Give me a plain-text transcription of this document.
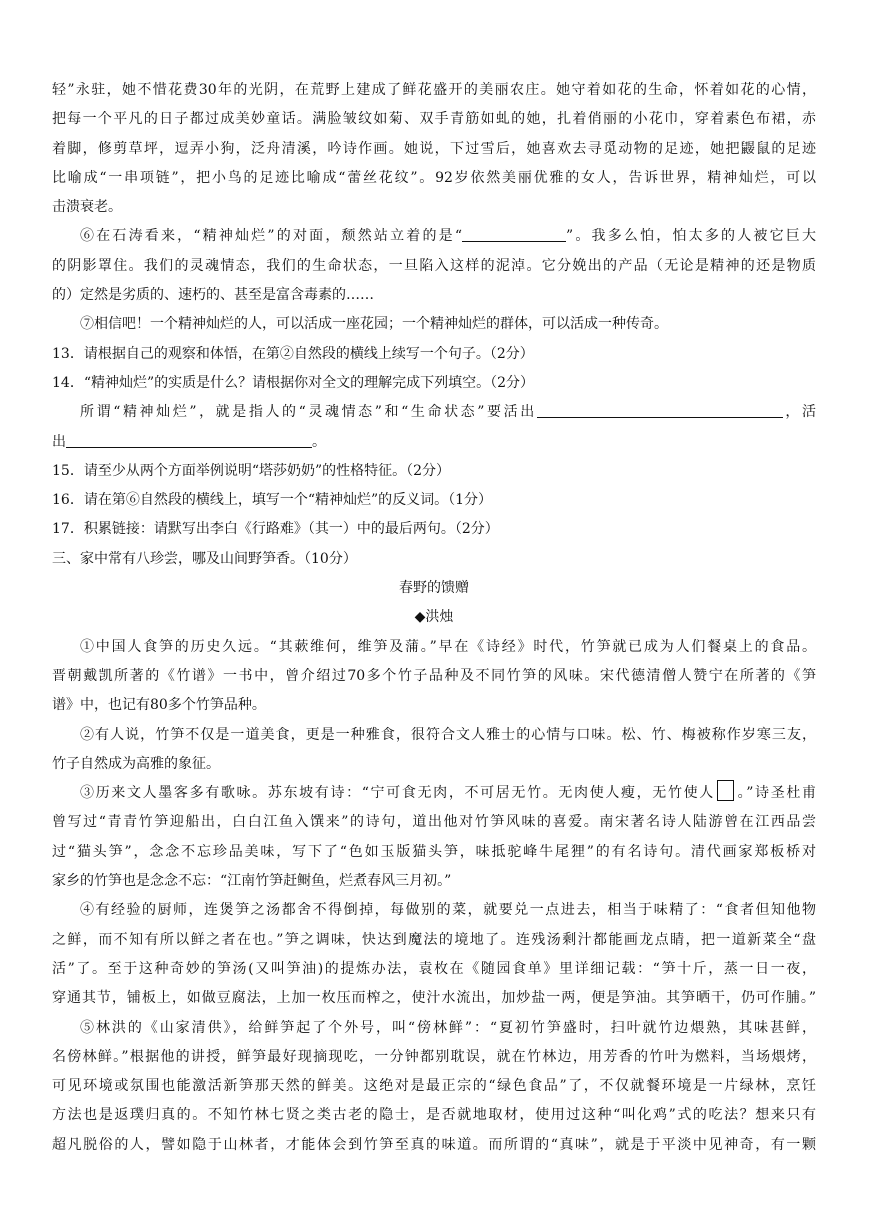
轻”永驻，她不惜花费30年的光阴，在荒野上建成了鲜花盛开的美丽农庄。她守着如花的生命，怀着如花的心情，
把每一个平凡的日子都过成美妙童话。满脸皱纹如菊、双手青筋如虬的她，扎着俏丽的小花巾，穿着素色布裙，赤
着脚，修剪草坪，逗弄小狗，泛舟清溪，吟诗作画。她说，下过雪后，她喜欢去寻觅动物的足迹，她把鼹鼠的足迹
比喻成“一串项链”，把小鸟的足迹比喻成“蕾丝花纹”。92岁依然美丽优雅的女人，告诉世界，精神灿烂，可以
击溃衰老。
⑥在石涛看来，“精神灿烂”的对面，颓然站立着的是“	”。我多么怕，怕太多的人被它巨大
的阴影罩住。我们的灵魂情态，我们的生命状态，一旦陷入这样的泥淖。它分娩出的产品（无论是精神的还是物质
的）定然是劣质的、速朽的、甚至是富含毒素的……
⑦相信吧！一个精神灿烂的人，可以活成一座花园；一个精神灿烂的群体，可以活成一种传奇。
13．请根据自己的观察和体悟，在第②自然段的横线上续写一个句子。（2分）
14．“精神灿烂”的实质是什么？请根据你对全文的理解完成下列填空。（2分）
所谓“精神灿烂”，就是指人的“灵魂情态”和“生命状态”要活出	，活
出	。
15．请至少从两个方面举例说明“塔莎奶奶”的性格特征。（2分）
16．请在第⑥自然段的横线上，填写一个“精神灿烂”的反义词。（1分）
17．积累链接：请默写出李白《行路难》（其一）中的最后两句。（2分）
三、家中常有八珍尝，哪及山间野笋香。（10分）
春野的馈赠
◆洪烛
①中国人食笋的历史久远。“其蔌维何，维笋及蒲。”早在《诗经》时代，竹笋就已成为人们餐桌上的食品。
晋朝戴凯所著的《竹谱》一书中，曾介绍过70多个竹子品种及不同竹笋的风味。宋代德清僧人赞宁在所著的《笋
谱》中，也记有80多个竹笋品种。
②有人说，竹笋不仅是一道美食，更是一种雅食，很符合文人雅士的心情与口味。松、竹、梅被称作岁寒三友，
竹子自然成为高雅的象征。
③历来文人墨客多有歌咏。苏东坡有诗：“宁可食无肉，不可居无竹。无肉使人瘦，无竹使人 。”诗圣杜甫
曾写过“青青竹笋迎船出，白白江鱼入馔来”的诗句，道出他对竹笋风味的喜爱。南宋著名诗人陆游曾在江西品尝
过“猫头笋”，念念不忘珍品美味，写下了“色如玉版猫头笋，味抵驼峰牛尾狸”的有名诗句。清代画家郑板桥对
家乡的竹笋也是念念不忘：“江南竹笋赶鲥鱼，烂煮春风三月初。”
④有经验的厨师，连煲笋之汤都舍不得倒掉，每做别的菜，就要兑一点进去，相当于味精了：“食者但知他物
之鲜，而不知有所以鲜之者在也。”笋之调味，快达到魔法的境地了。连残汤剩汁都能画龙点睛，把一道新菜全“盘
活”了。至于这种奇妙的笋汤(又叫笋油)的提炼办法，袁枚在《随园食单》里详细记载：“笋十斤，蒸一日一夜，
穿通其节，铺板上，如做豆腐法，上加一枚压而榨之，使汁水流出，加炒盐一两，便是笋油。其笋晒干，仍可作脯。”
⑤林洪的《山家清供》，给鲜笋起了个外号，叫“傍林鲜”：“夏初竹笋盛时，扫叶就竹边煨熟，其味甚鲜，
名傍林鲜。”根据他的讲授，鲜笋最好现摘现吃，一分钟都别耽误，就在竹林边，用芳香的竹叶为燃料，当场煨烤，
可见环境或氛围也能激活新笋那天然的鲜美。这绝对是最正宗的“绿色食品”了，不仅就餐环境是一片绿林，烹饪
方法也是返璞归真的。不知竹林七贤之类古老的隐士，是否就地取材，使用过这种“叫化鸡”式的吃法？想来只有
超凡脱俗的人，譬如隐于山林者，才能体会到竹笋至真的味道。而所谓的“真味”，就是于平淡中见神奇，有一颗
